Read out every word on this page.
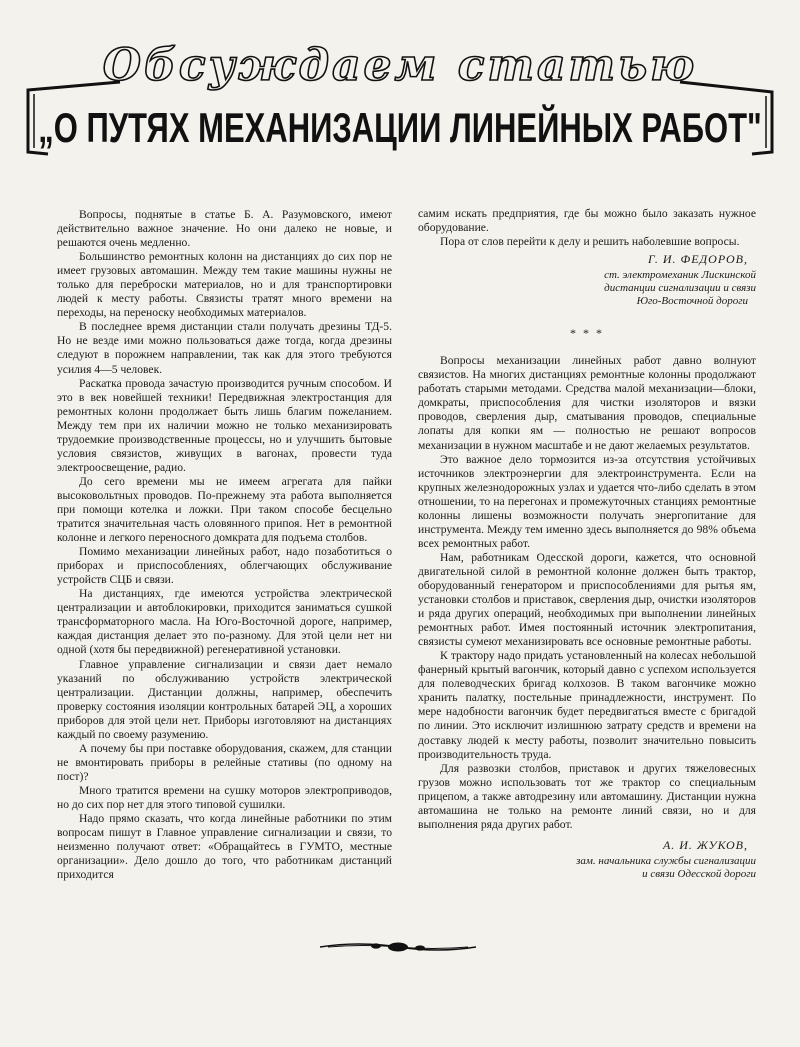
Обсуждаем статью
„О ПУТЯХ МЕХАНИЗАЦИИ ЛИНЕЙНЫХ РАБОТ"

Вопросы, поднятые в статье Б. А. Разумовского, имеют действительно важное значение. Но они далеко не новые, и решаются очень медленно.

Большинство ремонтных колонн на дистанциях до сих пор не имеет грузовых автомашин. Между тем такие машины нужны не только для переброски материалов, но и для транспортировки людей к месту работы. Связисты тратят много времени на переходы, на переноску необходимых материалов.

В последнее время дистанции стали получать дрезины ТД-5. Но не везде ими можно пользоваться даже тогда, когда дрезины следуют в порожнем направлении, так как для этого требуются усилия 4—5 человек.

Раскатка провода зачастую производится ручным способом. И это в век новейшей техники! Передвижная электростанция для ремонтных колонн продолжает быть лишь благим пожеланием. Между тем при их наличии можно не только механизировать трудоемкие производственные процессы, но и улучшить бытовые условия связистов, живущих в вагонах, провести туда электроосвещение, радио.

До сего времени мы не имеем агрегата для пайки высоковольтных проводов. По-прежнему эта работа выполняется при помощи котелка и ложки. При таком способе бесцельно тратится значительная часть оловянного припоя. Нет в ремонтной колонне и легкого переносного домкрата для подъема столбов.

Помимо механизации линейных работ, надо позаботиться о приборах и приспособлениях, облегчающих обслуживание устройств СЦБ и связи.

На дистанциях, где имеются устройства электрической централизации и автоблокировки, приходится заниматься сушкой трансформаторного масла. На Юго-Восточной дороге, например, каждая дистанция делает это по-разному. Для этой цели нет ни одной (хотя бы передвижной) регенеративной установки.

Главное управление сигнализации и связи дает немало указаний по обслуживанию устройств электрической централизации. Дистанции должны, например, обеспечить проверку состояния изоляции контрольных батарей ЭЦ, а хороших приборов для этой цели нет. Приборы изготовляют на дистанциях каждый по своему разумению.

А почему бы при поставке оборудования, скажем, для станции не вмонтировать приборы в релейные стативы (по одному на пост)?

Много тратится времени на сушку моторов электроприводов, но до сих пор нет для этого типовой сушилки.

Надо прямо сказать, что когда линейные работники по этим вопросам пишут в Главное управление сигнализации и связи, то неизменно получают ответ: «Обращайтесь в ГУМТО, местные организации». Дело дошло до того, что работникам дистанций приходится

самим искать предприятия, где бы можно было заказать нужное оборудование.

Пора от слов перейти к делу и решить наболевшие вопросы.

Г. И. ФЕДОРОВ,
ст. электромеханик Лискинской
дистанции сигнализации и связи
Юго-Восточной дороги
* * *

Вопросы механизации линейных работ давно волнуют связистов. На многих дистанциях ремонтные колонны продолжают работать старыми методами. Средства малой механизации—блоки, домкраты, приспособления для чистки изоляторов и вязки проводов, сверления дыр, сматывания проводов, специальные лопаты для копки ям — полностью не решают вопросов механизации в нужном масштабе и не дают желаемых результатов.

Это важное дело тормозится из-за отсутствия устойчивых источников электроэнергии для электроинструмента. Если на крупных железнодорожных узлах и удается что-либо сделать в этом отношении, то на перегонах и промежуточных станциях ремонтные колонны лишены возможности получать энергопитание для инструмента. Между тем именно здесь выполняется до 98% объема всех ремонтных работ.

Нам, работникам Одесской дороги, кажется, что основной двигательной силой в ремонтной колонне должен быть трактор, оборудованный генератором и приспособлениями для рытья ям, установки столбов и приставок, сверления дыр, очистки изоляторов и ряда других операций, необходимых при выполнении линейных ремонтных работ. Имея постоянный источник электропитания, связисты сумеют механизировать все основные ремонтные работы.

К трактору надо придать установленный на колесах небольшой фанерный крытый вагончик, который давно с успехом используется для полеводческих бригад колхозов. В таком вагончике можно хранить палатку, постельные принадлежности, инструмент. По мере надобности вагончик будет передвигаться вместе с бригадой по линии. Это исключит излишнюю затрату средств и времени на доставку людей к месту работы, позволит значительно повысить производительность труда.

Для развозки столбов, приставок и других тяжеловесных грузов можно использовать тот же трактор со специальным прицепом, а также автодрезину или автомашину. Дистанции нужна автомашина не только на ремонте линий связи, но и для выполнения ряда других работ.

А. И. ЖУКОВ,
зам. начальника службы сигнализации
и связи Одесской дороги
